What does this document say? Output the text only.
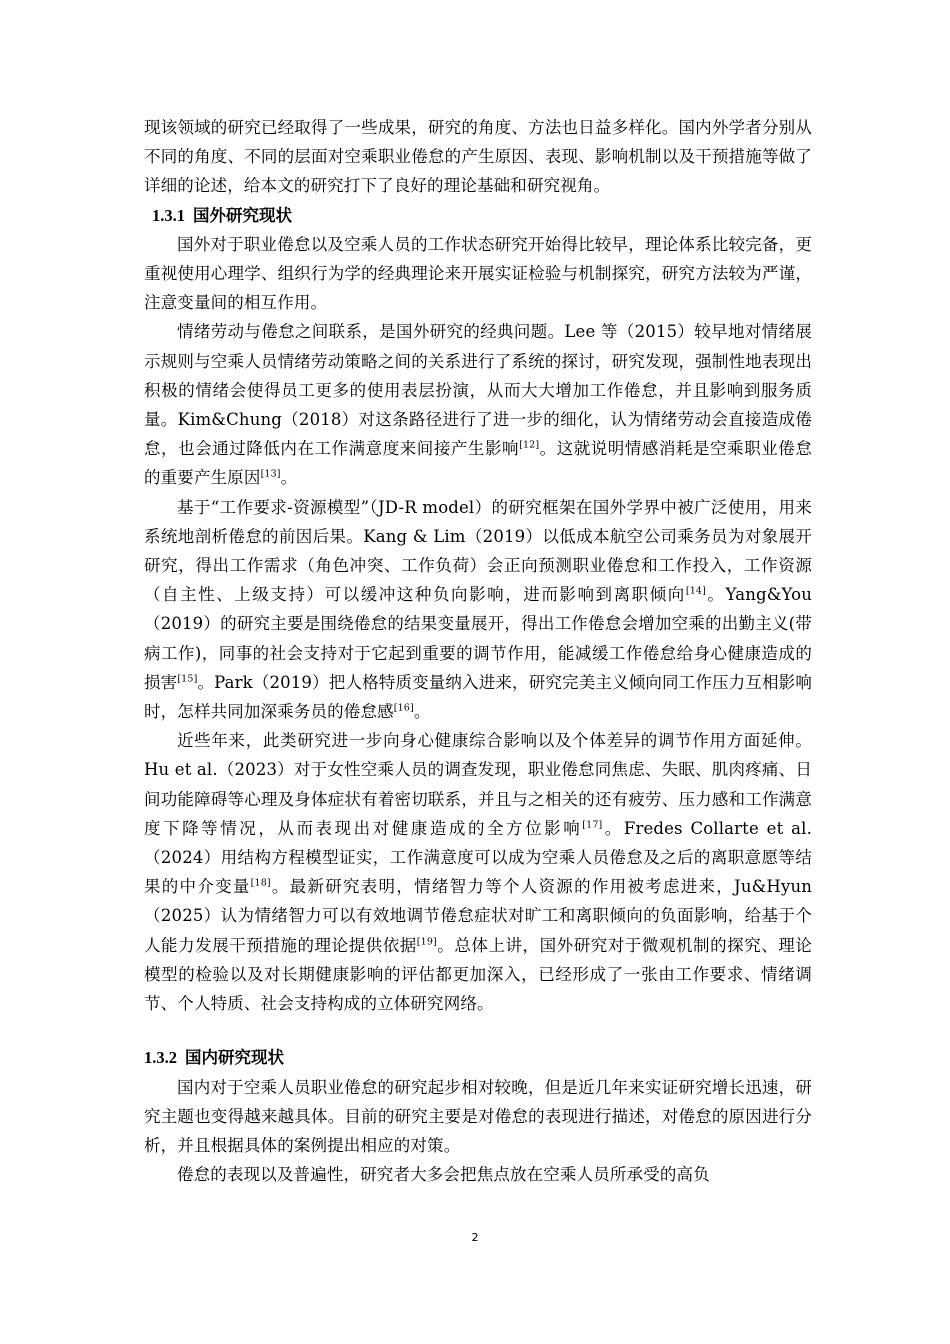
现该领域的研究已经取得了一些成果，研究的角度、方法也日益多样化。国内外学者分别从不同的角度、不同的层面对空乘职业倦怠的产生原因、表现、影响机制以及干预措施等做了详细的论述，给本文的研究打下了良好的理论基础和研究视角。

1.3.1 国外研究现状

国外对于职业倦怠以及空乘人员的工作状态研究开始得比较早，理论体系比较完备，更重视使用心理学、组织行为学的经典理论来开展实证检验与机制探究，研究方法较为严谨，注意变量间的相互作用。

情绪劳动与倦怠之间联系，是国外研究的经典问题。Lee 等（2015）较早地对情绪展示规则与空乘人员情绪劳动策略之间的关系进行了系统的探讨，研究发现，强制性地表现出积极的情绪会使得员工更多的使用表层扮演，从而大大增加工作倦怠，并且影响到服务质量。Kim&Chung（2018）对这条路径进行了进一步的细化，认为情绪劳动会直接造成倦怠，也会通过降低内在工作满意度来间接产生影响[12]。这就说明情感消耗是空乘职业倦怠的重要产生原因[13]。

基于“工作要求-资源模型”（JD-R model）的研究框架在国外学界中被广泛使用，用来系统地剖析倦怠的前因后果。Kang & Lim（2019）以低成本航空公司乘务员为对象展开研究，得出工作需求（角色冲突、工作负荷）会正向预测职业倦怠和工作投入，工作资源（自主性、上级支持）可以缓冲这种负向影响，进而影响到离职倾向[14]。Yang&You（2019）的研究主要是围绕倦怠的结果变量展开，得出工作倦怠会增加空乘的出勤主义(带病工作)，同事的社会支持对于它起到重要的调节作用，能减缓工作倦怠给身心健康造成的损害[15]。Park（2019）把人格特质变量纳入进来，研究完美主义倾向同工作压力互相影响时，怎样共同加深乘务员的倦怠感[16]。

近些年来，此类研究进一步向身心健康综合影响以及个体差异的调节作用方面延伸。Hu et al.（2023）对于女性空乘人员的调查发现，职业倦怠同焦虑、失眠、肌肉疼痛、日间功能障碍等心理及身体症状有着密切联系，并且与之相关的还有疲劳、压力感和工作满意度下降等情况，从而表现出对健康造成的全方位影响[17]。Fredes Collarte et al.（2024）用结构方程模型证实，工作满意度可以成为空乘人员倦怠及之后的离职意愿等结果的中介变量[18]。最新研究表明，情绪智力等个人资源的作用被考虑进来，Ju&Hyun（2025）认为情绪智力可以有效地调节倦怠症状对旷工和离职倾向的负面影响，给基于个人能力发展干预措施的理论提供依据[19]。总体上讲，国外研究对于微观机制的探究、理论模型的检验以及对长期健康影响的评估都更加深入，已经形成了一张由工作要求、情绪调节、个人特质、社会支持构成的立体研究网络。

1.3.2 国内研究现状

国内对于空乘人员职业倦怠的研究起步相对较晚，但是近几年来实证研究增长迅速，研究主题也变得越来越具体。目前的研究主要是对倦怠的表现进行描述，对倦怠的原因进行分析，并且根据具体的案例提出相应的对策。

倦怠的表现以及普遍性，研究者大多会把焦点放在空乘人员所承受的高负

2
